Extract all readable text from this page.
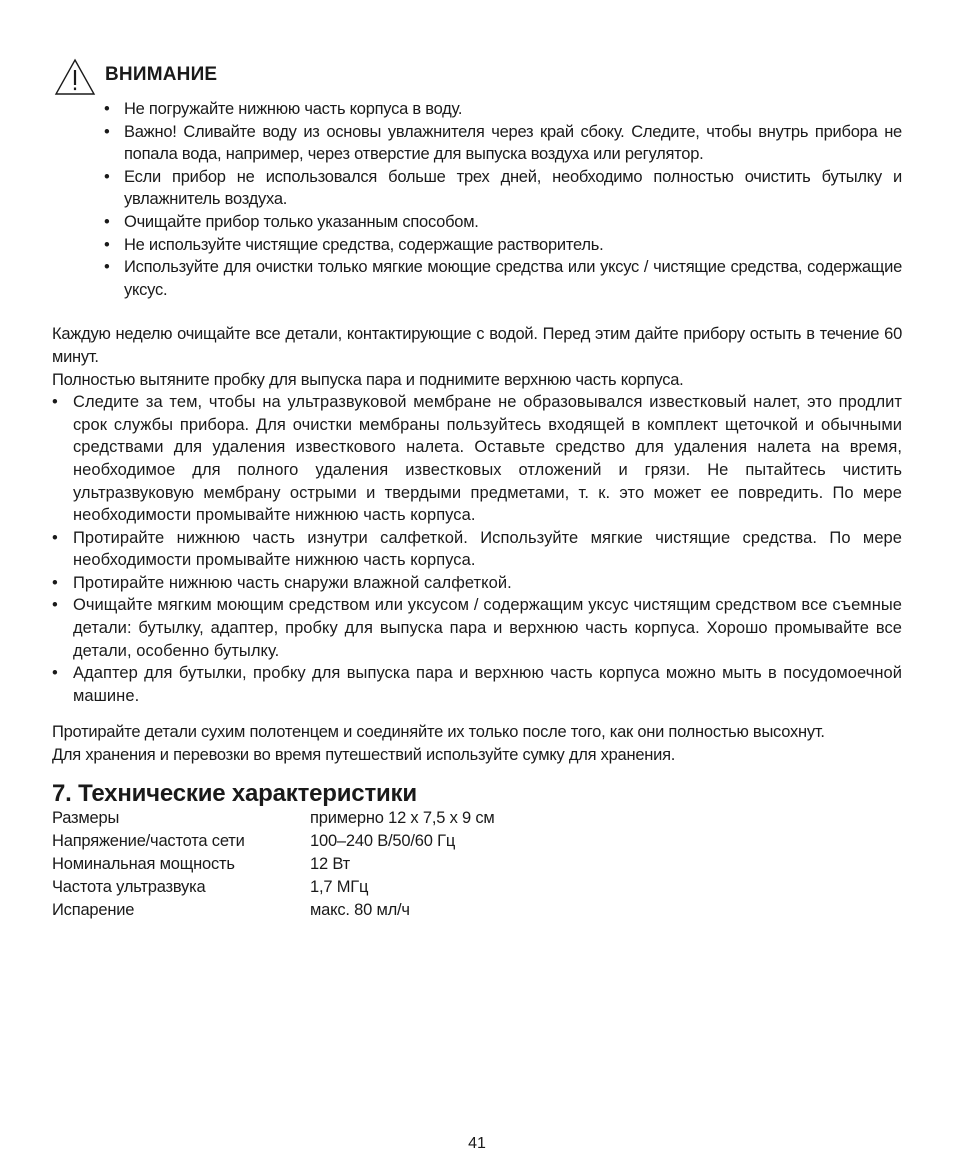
ВНИМАНИЕ
• Не погружайте нижнюю часть корпуса в воду.
• Важно! Сливайте воду из основы увлажнителя через край сбоку. Следите, чтобы внутрь прибора не попала вода, например, через отверстие для выпуска воздуха или регулятор.
• Если прибор не использовался больше трех дней, необходимо полностью очистить бутылку и увлажнитель воздуха.
• Очищайте прибор только указанным способом.
• Не используйте чистящие средства, содержащие растворитель.
• Используйте для очистки только мягкие моющие средства или уксус / чистящие средства, содержащие уксус.

Каждую неделю очищайте все детали, контактирующие с водой. Перед этим дайте прибору остыть в течение 60 минут.

Полностью вытяните пробку для выпуска пара и поднимите верхнюю часть корпуса.

• Следите за тем, чтобы на ультразвуковой мембране не образовывался известковый налет, это продлит срок службы прибора. Для очистки мембраны пользуйтесь входящей в комплект щеточкой и обычными средствами для удаления известкового налета. Оставьте средство для удаления налета на время, необходимое для полного удаления известковых отложений и грязи. Не пытайтесь чистить ультразвуковую мембрану острыми и твердыми предметами, т. к. это может ее повредить. По мере необходимости промывайте нижнюю часть корпуса.
• Протирайте нижнюю часть изнутри салфеткой. Используйте мягкие чистящие средства. По мере необходимости промывайте нижнюю часть корпуса.
• Протирайте нижнюю часть снаружи влажной салфеткой.
• Очищайте мягким моющим средством или уксусом / содержащим уксус чистящим средством все съемные детали: бутылку, адаптер, пробку для выпуска пара и верхнюю часть корпуса. Хорошо промывайте все детали, особенно бутылку.
• Адаптер для бутылки, пробку для выпуска пара и верхнюю часть корпуса можно мыть в посудомоечной машине.

Протирайте детали сухим полотенцем и соединяйте их только после того, как они полностью высохнут.

Для хранения и перевозки во время путешествий используйте сумку для хранения.

7. Технические характеристики
Размеры	примерно 12 x 7,5 x 9 см
Напряжение/частота сети	100–240 В/50/60 Гц
Номинальная мощность	12 Вт
Частота ультразвука	1,7 МГц
Испарение	макс. 80 мл/ч
41
